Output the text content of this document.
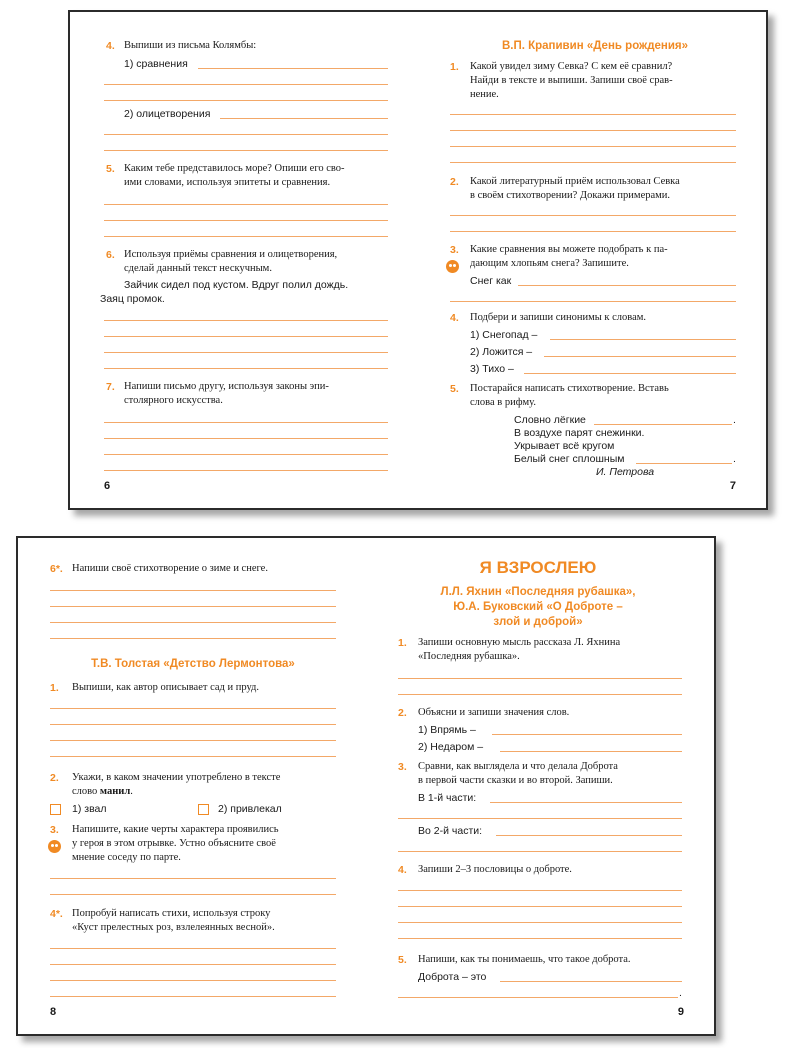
4. Выпиши из письма Колямбы:
1) сравнения
2) олицетворения
5. Каким тебе представилось море? Опиши его сво-
ими словами, используя эпитеты и сравнения.
6. Используя приёмы сравнения и олицетворения,
сделай данный текст нескучным.
Зайчик сидел под кустом. Вдруг полил дождь.
Заяц промок.
7. Напиши письмо другу, используя законы эпи-
столярного искусства.
6
В.П. Крапивин «День рождения»
1. Какой увидел зиму Севка? С кем её сравнил?
Найди в тексте и выпиши. Запиши своё срав-
нение.
2. Какой литературный приём использовал Севка
в своём стихотворении? Докажи примерами.
3. Какие сравнения вы можете подобрать к па-
дающим хлопьям снега? Запишите.
Снег как
4. Подбери и запиши синонимы к словам.
1) Снегопад –
2) Ложится –
3) Тихо –
5. Постарайся написать стихотворение. Вставь
слова в рифму.
Словно лёгкие	.
В воздухе парят снежинки.
Укрывает всё кругом
Белый снег сплошным	.
И. Петрова
7
6*. Напиши своё стихотворение о зиме и снеге.
Т.В. Толстая «Детство Лермонтова»
1. Выпиши, как автор описывает сад и пруд.
2. Укажи, в каком значении употреблено в тексте
слово манил.
1) звал	2) привлекал
3. Напишите, какие черты характера проявились
у героя в этом отрывке. Устно объясните своё
мнение соседу по парте.
4*. Попробуй написать стихи, используя строку
«Куст прелестных роз, взлелеянных весной».
8
Я ВЗРОСЛЕЮ
Л.Л. Яхнин «Последняя рубашка»,
Ю.А. Буковский «О Доброте –
злой и доброй»
1. Запиши основную мысль рассказа Л. Яхнина
«Последняя рубашка».
2. Объясни и запиши значения слов.
1) Впрямь –
2) Недаром –
3. Сравни, как выглядела и что делала Доброта
в первой части сказки и во второй. Запиши.
В 1-й части:
Во 2-й части:
4. Запиши 2–3 пословицы о доброте.
5. Напиши, как ты понимаешь, что такое доброта.
Доброта – это
.
9
